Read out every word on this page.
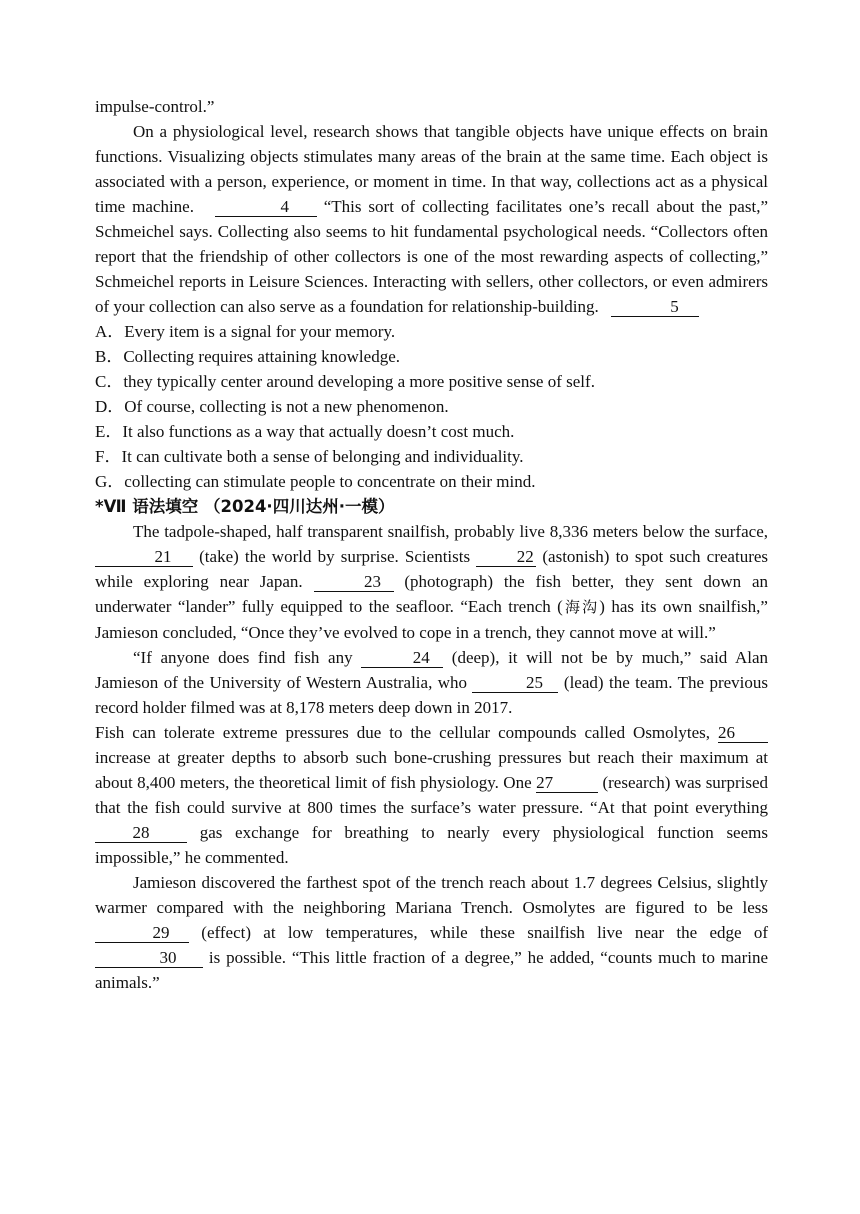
impulse-control.”

On a physiological level, research shows that tangible objects have unique effects on brain functions. Visualizing objects stimulates many areas of the brain at the same time. Each object is associated with a person, experience, or moment in time. In that way, collections act as a physical time machine.	4 “This sort of collecting facilitates one’s recall about the past,” Schmeichel says. Collecting also seems to hit fundamental psychological needs. “Collectors often report that the friendship of other collectors is one of the most rewarding aspects of collecting,” Schmeichel reports in Leisure Sciences. Interacting with sellers, other collectors, or even admirers of your collection can also serve as a foundation for relationship-building.	5

A．Every item is a signal for your memory.

B．Collecting requires attaining knowledge.

C．they typically center around developing a more positive sense of self.

D．Of course, collecting is not a new phenomenon.

E．It also functions as a way that actually doesn’t cost much.

F．It can cultivate both a sense of belonging and individuality.

G．collecting can stimulate people to concentrate on their mind.

*Ⅶ 语法填空 （2024·四川达州·一模）

The tadpole-shaped, half transparent snailfish, probably live 8,336 meters below the surface, 21 (take) the world by surprise. Scientists	22 (astonish) to spot such creatures while exploring near Japan.	23 (photograph) the fish better, they sent down an underwater “lander” fully equipped to the seafloor. “Each trench (海沟) has its own snailfish,” Jamieson concluded, “Once they’ve evolved to cope in a trench, they cannot move at will.”

“If anyone does find fish any	24 (deep), it will not be by much,” said Alan Jamieson of the University of Western Australia, who	25 (lead) the team. The previous record holder filmed was at 8,178 meters deep down in 2017.

Fish can tolerate extreme pressures due to the cellular compounds called Osmolytes, 26 increase at greater depths to absorb such bone-crushing pressures but reach their maximum at about 8,400 meters, the theoretical limit of fish physiology. One 27	(research) was surprised that the fish could survive at 800 times the surface’s water pressure. “At that point everything 28	gas exchange for breathing to nearly every physiological function seems impossible,” he commented.

Jamieson discovered the farthest spot of the trench reach about 1.7 degrees Celsius, slightly warmer compared with the neighboring Mariana Trench. Osmolytes are figured to be less 29 (effect) at low temperatures, while these snailfish live near the edge of 30 is possible. “This little fraction of a degree,” he added, “counts much to marine animals.”
